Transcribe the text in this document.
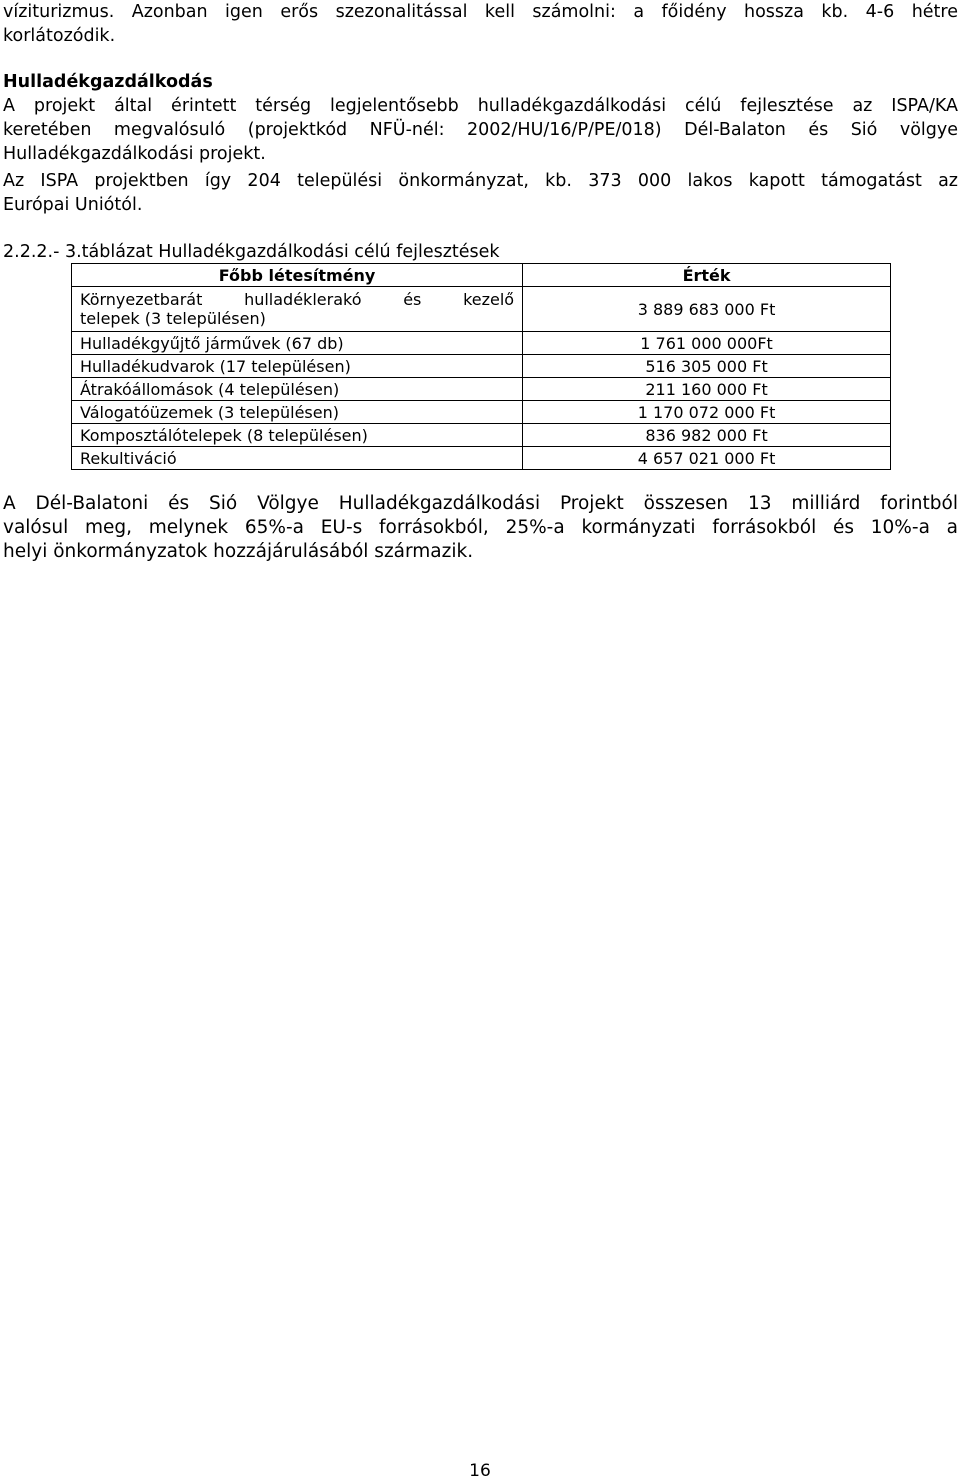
víziturizmus. Azonban igen erős szezonalitással kell számolni: a főidény hossza kb. 4-6 hétre
korlátozódik.

Hulladékgazdálkodás

A projekt által érintett térség legjelentősebb hulladékgazdálkodási célú fejlesztése az ISPA/KA
keretében megvalósuló (projektkód NFÜ-nél: 2002/HU/16/P/PE/018) Dél-Balaton és Sió völgye
Hulladékgazdálkodási projekt.

Az ISPA projektben így 204 települési önkormányzat, kb. 373 000 lakos kapott támogatást az
Európai Uniótól.

2.2.2.- 3.táblázat Hulladékgazdálkodási célú fejlesztések

Főbb létesítmény	Érték

Környezetbarát hulladéklerakó és kezelő
telepek (3 településen)	3 889 683 000 Ft
Hulladékgyűjtő járművek (67 db)	1 761 000 000Ft
Hulladékudvarok (17 településen)	516 305 000 Ft
Átrakóállomások (4 településen)	211 160 000 Ft
Válogatóüzemek (3 településen)	1 170 072 000 Ft
Komposztálótelepek (8 településen)	836 982 000 Ft
Rekultiváció	4 657 021 000 Ft

A Dél-Balatoni és Sió Völgye Hulladékgazdálkodási Projekt összesen 13 milliárd forintból
valósul meg, melynek 65%-a EU-s forrásokból, 25%-a kormányzati forrásokból és 10%-a a
helyi önkormányzatok hozzájárulásából származik.

16
